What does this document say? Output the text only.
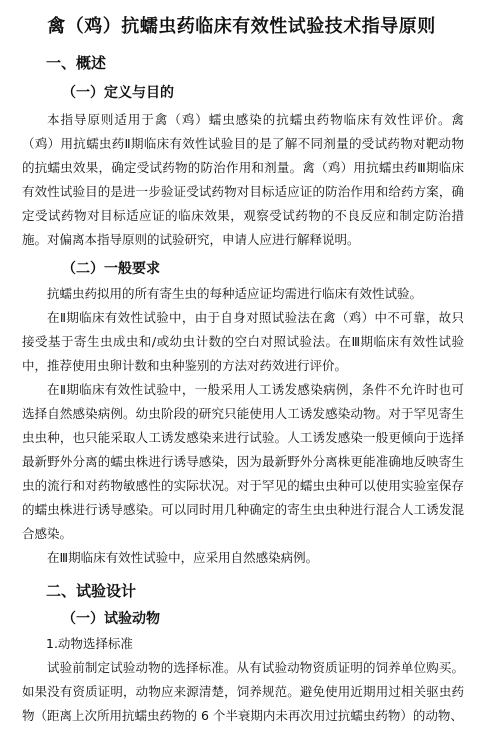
禽（鸡）抗蠕虫药临床有效性试验技术指导原则
一、概述
（一）定义与目的

本指导原则适用于禽（鸡）蠕虫感染的抗蠕虫药物临床有效性评价。禽（鸡）用抗蠕虫药Ⅱ期临床有效性试验目的是了解不同剂量的受试药物对靶动物的抗蠕虫效果，确定受试药物的防治作用和剂量。禽（鸡）用抗蠕虫药Ⅲ期临床有效性试验目的是进一步验证受试药物对目标适应证的防治作用和给药方案，确定受试药物对目标适应证的临床效果，观察受试药物的不良反应和制定防治措施。对偏离本指导原则的试验研究，申请人应进行解释说明。

（二）一般要求

抗蠕虫药拟用的所有寄生虫的每种适应证均需进行临床有效性试验。

在Ⅱ期临床有效性试验中，由于自身对照试验法在禽（鸡）中不可靠，故只接受基于寄生虫成虫和/或幼虫计数的空白对照试验法。在Ⅲ期临床有效性试验中，推荐使用虫卵计数和虫种鉴别的方法对药效进行评价。

在Ⅱ期临床有效性试验中，一般采用人工诱发感染病例，条件不允许时也可选择自然感染病例。幼虫阶段的研究只能使用人工诱发感染动物。对于罕见寄生虫虫种，也只能采取人工诱发感染来进行试验。人工诱发感染一般更倾向于选择最新野外分离的蠕虫株进行诱导感染，因为最新野外分离株更能准确地反映寄生虫的流行和对药物敏感性的实际状况。对于罕见的蠕虫虫种可以使用实验室保存的蠕虫株进行诱导感染。可以同时用几种确定的寄生虫虫种进行混合人工诱发混合感染。

在Ⅲ期临床有效性试验中，应采用自然感染病例。

二、试验设计
（一）试验动物
1.动物选择标准

试验前制定试验动物的选择标准。从有试验动物资质证明的饲养单位购买。如果没有资质证明，动物应来源清楚，饲养规范。避免使用近期用过相关驱虫药物（距离上次所用抗蠕虫药物的 6 个半衰期内未再次用过抗蠕虫药物）的动物、
